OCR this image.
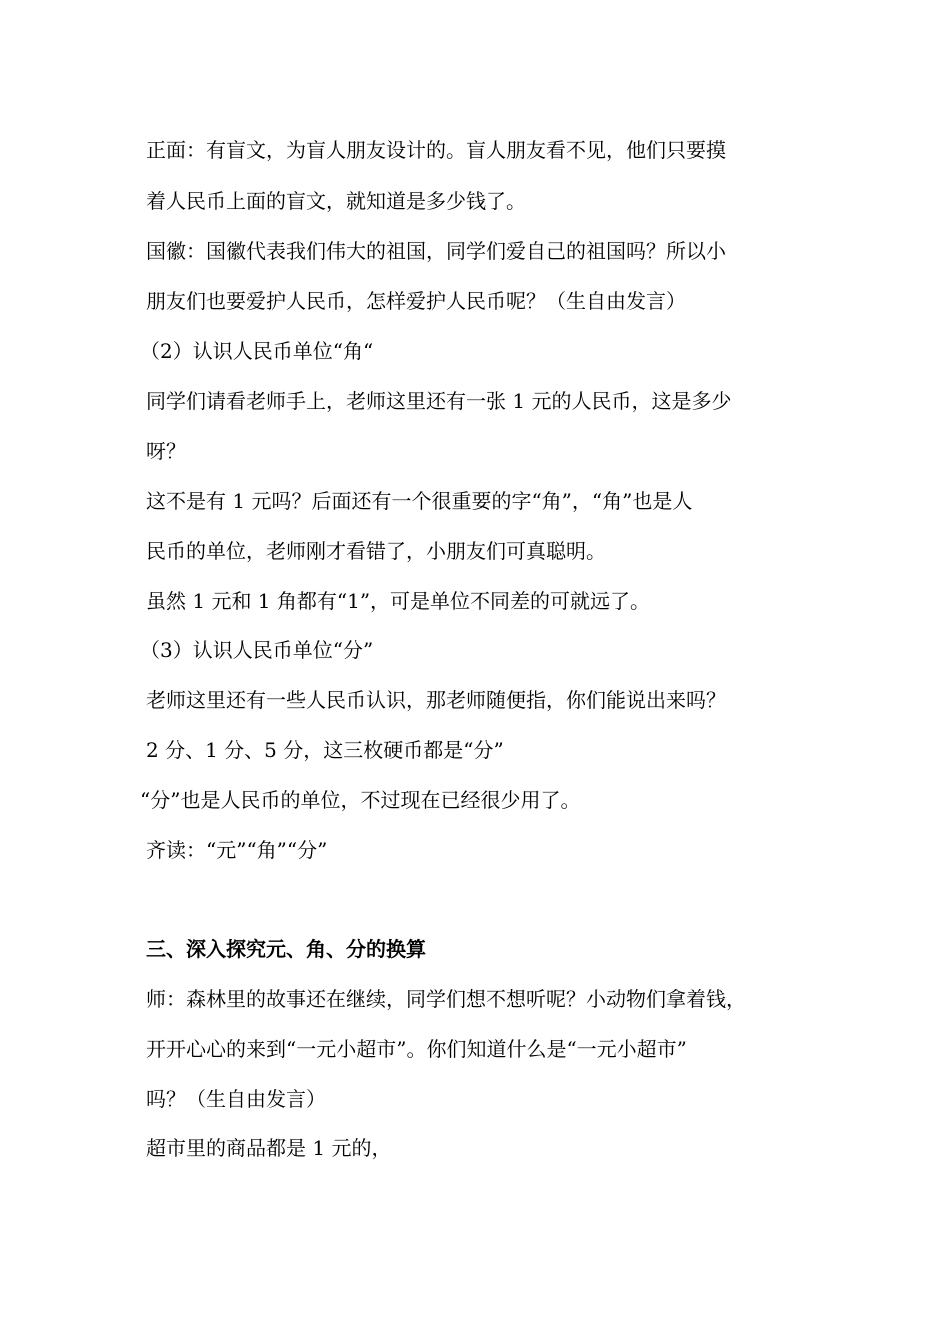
正面：有盲文，为盲人朋友设计的。盲人朋友看不见，他们只要摸
着人民币上面的盲文，就知道是多少钱了。
国徽：国徽代表我们伟大的祖国，同学们爱自己的祖国吗？所以小
朋友们也要爱护人民币，怎样爱护人民币呢？（生自由发言）
（2）认识人民币单位“角“
同学们请看老师手上，老师这里还有一张 1 元的人民币，这是多少
呀？
这不是有 1 元吗？后面还有一个很重要的字“角”，“角”也是人
民币的单位，老师刚才看错了，小朋友们可真聪明。
虽然 1 元和 1 角都有“1”，可是单位不同差的可就远了。
（3）认识人民币单位“分”
老师这里还有一些人民币认识，那老师随便指，你们能说出来吗？
2 分、1 分、5 分，这三枚硬币都是“分”
“分”也是人民币的单位，不过现在已经很少用了。
齐读：“元”“角”“分”
三、深入探究元、角、分的换算
师：森林里的故事还在继续，同学们想不想听呢？小动物们拿着钱，
开开心心的来到“一元小超市”。你们知道什么是“一元小超市”
吗？（生自由发言）
超市里的商品都是 1 元的，
